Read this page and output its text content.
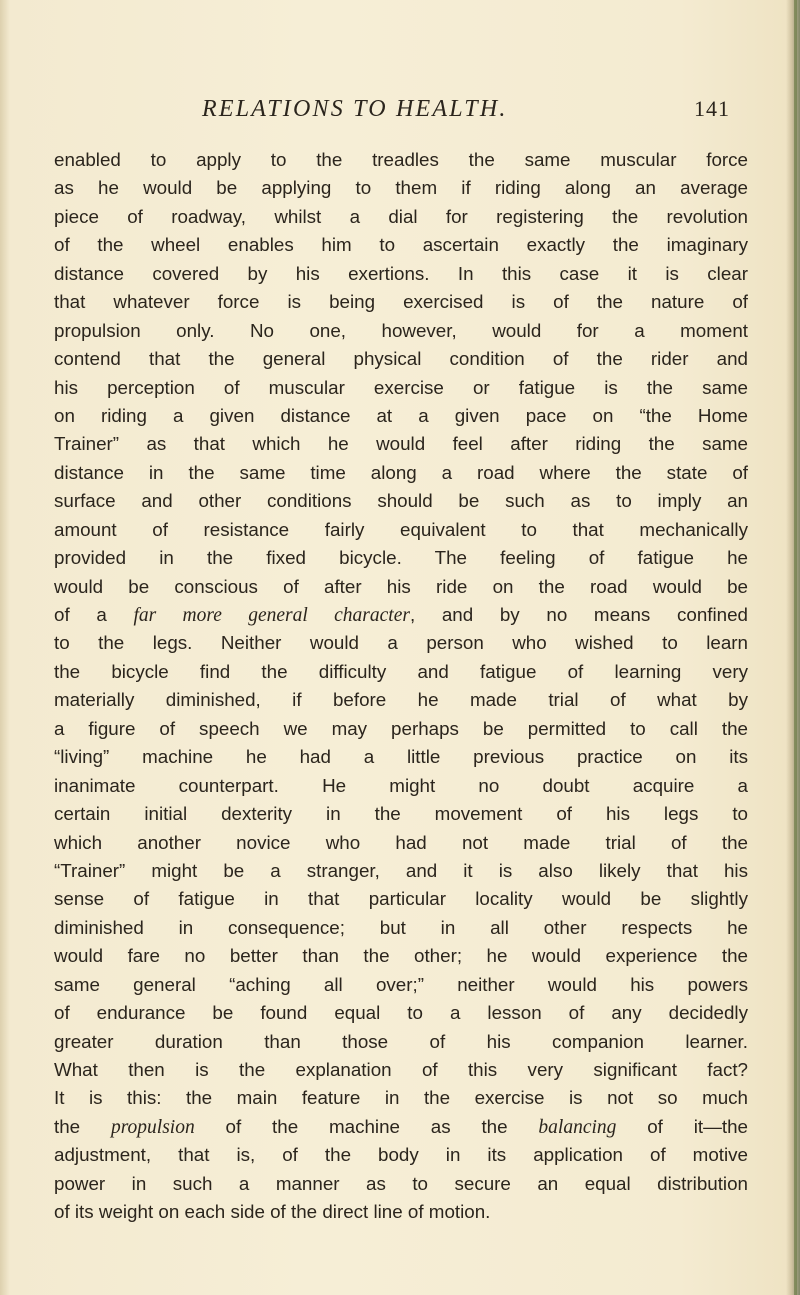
RELATIONS TO HEALTH.	141
enabled to apply to the treadles the same muscular force
as he would be applying to them if riding along an average
piece of roadway, whilst a dial for registering the revolution
of the wheel enables him to ascertain exactly the imaginary
distance covered by his exertions. In this case it is clear
that whatever force is being exercised is of the nature of
propulsion only. No one, however, would for a moment
contend that the general physical condition of the rider and
his perception of muscular exercise or fatigue is the same
on riding a given distance at a given pace on “the Home
Trainer” as that which he would feel after riding the same
distance in the same time along a road where the state of
surface and other conditions should be such as to imply an
amount of resistance fairly equivalent to that mechanically
provided in the fixed bicycle. The feeling of fatigue he
would be conscious of after his ride on the road would be
of a far more general character, and by no means confined
to the legs. Neither would a person who wished to learn
the bicycle find the difficulty and fatigue of learning very
materially diminished, if before he made trial of what by
a figure of speech we may perhaps be permitted to call the
“living” machine he had a little previous practice on its
inanimate counterpart. He might no doubt acquire a
certain initial dexterity in the movement of his legs to
which another novice who had not made trial of the
“Trainer” might be a stranger, and it is also likely that his
sense of fatigue in that particular locality would be slightly
diminished in consequence; but in all other respects he
would fare no better than the other; he would experience the
same general “aching all over;” neither would his powers
of endurance be found equal to a lesson of any decidedly
greater duration than those of his companion learner.
What then is the explanation of this very significant fact?
It is this: the main feature in the exercise is not so much
the propulsion of the machine as the balancing of it—the
adjustment, that is, of the body in its application of motive
power in such a manner as to secure an equal distribution
of its weight on each side of the direct line of motion.
